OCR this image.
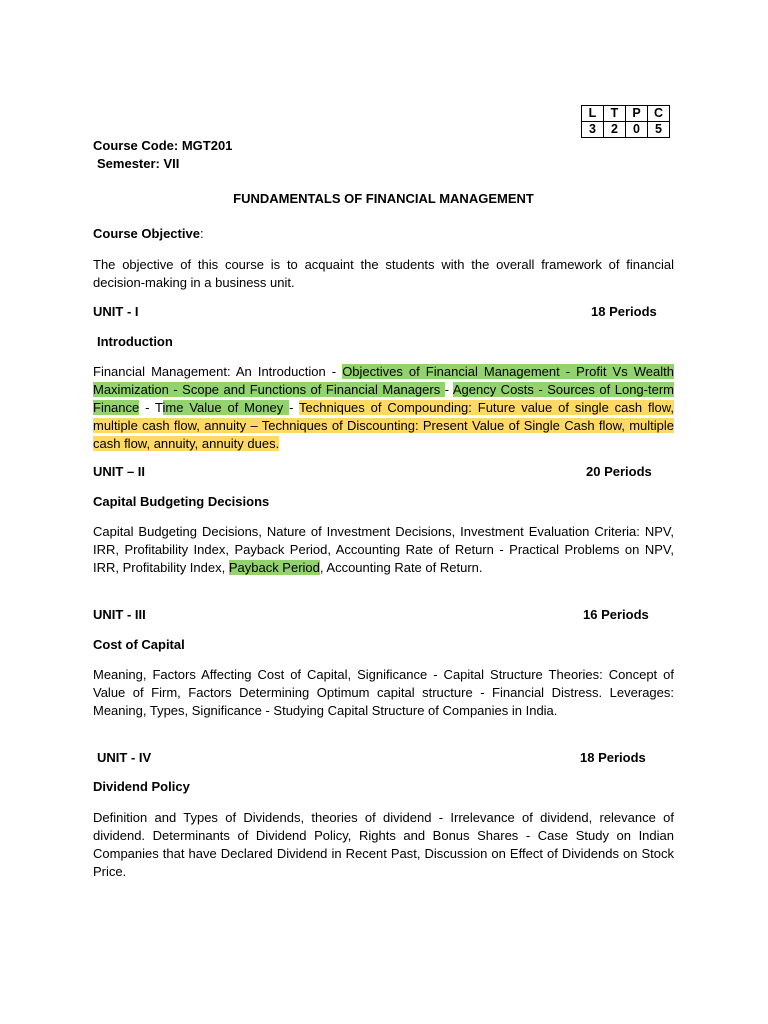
L	T	P	C
3	2	0	5
Course Code: MGT201
Semester: VII
FUNDAMENTALS OF FINANCIAL MANAGEMENT
Course Objective:
The objective of this course is to acquaint the students with the overall framework of financial decision-making in a business unit.
UNIT - I	18 Periods
Introduction
Financial Management: An Introduction - Objectives of Financial Management - Profit Vs Wealth Maximization - Scope and Functions of Financial Managers - Agency Costs - Sources of Long-term Finance - Time Value of Money - Techniques of Compounding: Future value of single cash flow, multiple cash flow, annuity – Techniques of Discounting: Present Value of Single Cash flow, multiple cash flow, annuity, annuity dues.
UNIT – II	20 Periods
Capital Budgeting Decisions
Capital Budgeting Decisions, Nature of Investment Decisions, Investment Evaluation Criteria: NPV, IRR, Profitability Index, Payback Period, Accounting Rate of Return - Practical Problems on NPV, IRR, Profitability Index, Payback Period, Accounting Rate of Return.
UNIT - III	16 Periods
Cost of Capital
Meaning, Factors Affecting Cost of Capital, Significance - Capital Structure Theories: Concept of Value of Firm, Factors Determining Optimum capital structure - Financial Distress. Leverages: Meaning, Types, Significance - Studying Capital Structure of Companies in India.
UNIT - IV	18 Periods
Dividend Policy
Definition and Types of Dividends, theories of dividend - Irrelevance of dividend, relevance of dividend. Determinants of Dividend Policy, Rights and Bonus Shares - Case Study on Indian Companies that have Declared Dividend in Recent Past, Discussion on Effect of Dividends on Stock Price.
